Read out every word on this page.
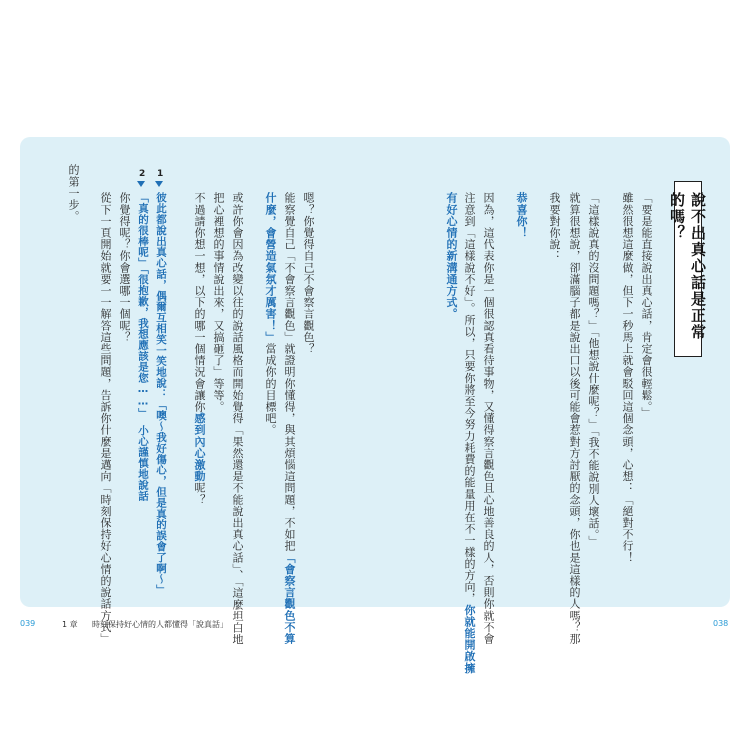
說不出真心話是正常的嗎？
「要是能直接說出真心話，肯定會很輕鬆。」
雖然很想這麼做，但下一秒馬上就會駁回這個念頭，心想：「絕對不行！
「這樣說真的沒問題嗎？」「他想說什麼呢？」「我不能說別人壞話。」
就算很想說，卻滿腦子都是說出口以後可能會惹對方討厭的念頭，你也是這樣的人嗎？那
我要對你說：
恭喜你！
因為，這代表你是一個很認真看待事物，又懂得察言觀色且心地善良的人，否則你就不會
注意到「這樣說不好」。所以，只要你將至今努力耗費的能量用在不一樣的方向，你就能開啟擁
有好心情的新溝通方式。
嗯？你覺得自己不會察言觀色？
能察覺自己「不會察言觀色」就證明你懂得，與其煩惱這問題，不如把「會察言觀色不算
什麼，會營造氣氛才厲害！」當成你的目標吧。
或許你會因為改變以往的說話風格而開始覺得「果然還是不能說出真心話」、「這麼坦白地
把心裡想的事情說出來，又搞砸了」等等。
不過請你想一想，以下的哪一個情況會讓你感到內心激動呢？
1
彼此都說出真心話，偶爾互相笑一笑地說：「噢～我好傷心，但是真的誤會了啊～」
2
「真的很棒呢」「很抱歉，我想應該是您……」小心謹慎地說話
你覺得呢？你會選哪一個呢？
從下一頁開始就要一一解答這些問題，告訴你什麼是邁向「時刻保持好心情的說話方式」
的第一步。
039	1 章 時刻保持好心情的人都懂得「說真話」	038
